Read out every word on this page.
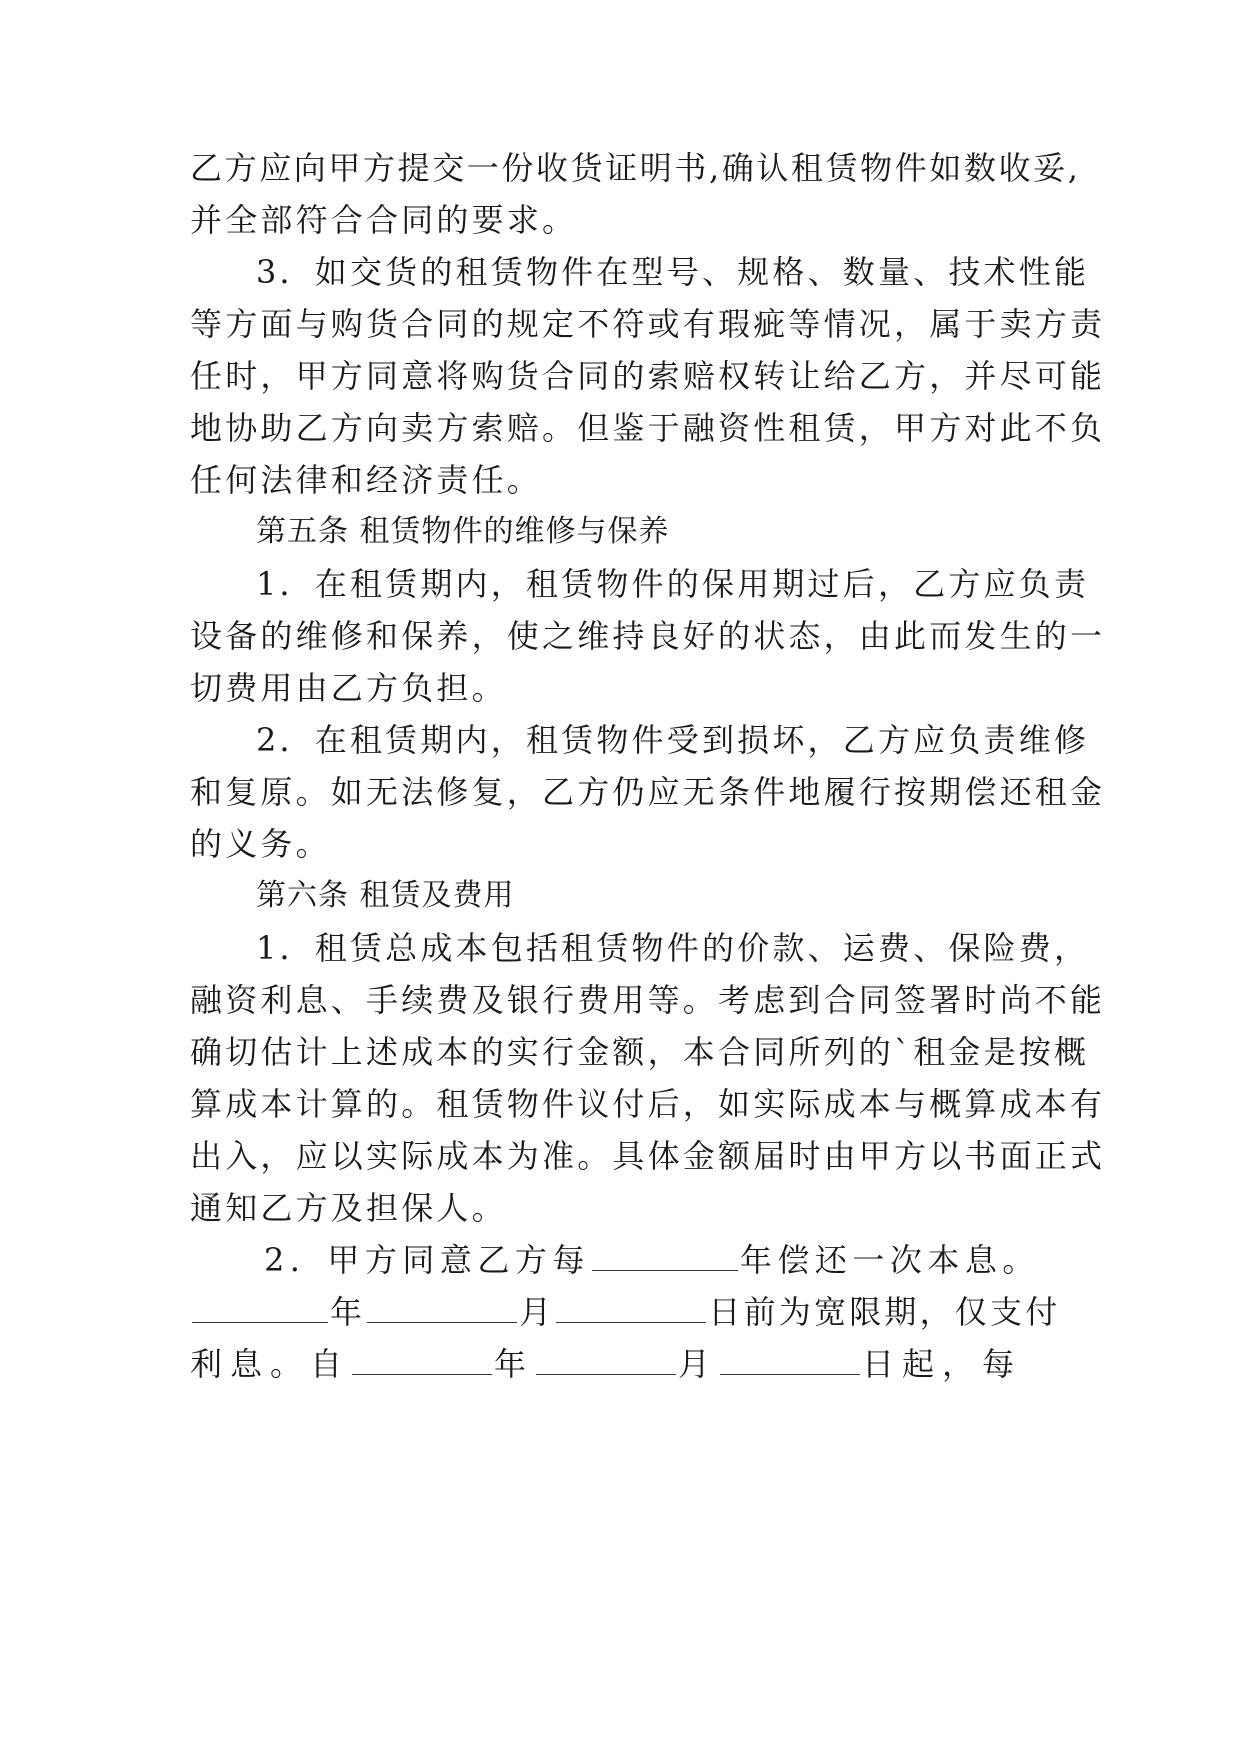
乙方应向甲方提交一份收货证明书,确认租赁物件如数收妥,
并全部符合合同的要求。
3．如交货的租赁物件在型号、规格、数量、技术性能
等方面与购货合同的规定不符或有瑕疵等情况，属于卖方责
任时，甲方同意将购货合同的索赔权转让给乙方，并尽可能
地协助乙方向卖方索赔。但鉴于融资性租赁，甲方对此不负
任何法律和经济责任。
第五条 租赁物件的维修与保养
1．在租赁期内，租赁物件的保用期过后，乙方应负责
设备的维修和保养，使之维持良好的状态，由此而发生的一
切费用由乙方负担。
2．在租赁期内，租赁物件受到损坏，乙方应负责维修
和复原。如无法修复，乙方仍应无条件地履行按期偿还租金
的义务。
第六条 租赁及费用
1．租赁总成本包括租赁物件的价款、运费、保险费，
融资利息、手续费及银行费用等。考虑到合同签署时尚不能
确切估计上述成本的实行金额，本合同所列的`租金是按概
算成本计算的。租赁物件议付后，如实际成本与概算成本有
出入，应以实际成本为准。具体金额届时由甲方以书面正式
通知乙方及担保人。
2．甲方同意乙方每	年偿还一次本息。
年	月	日前为宽限期，仅支付
利息。自	年	月	日起，每
